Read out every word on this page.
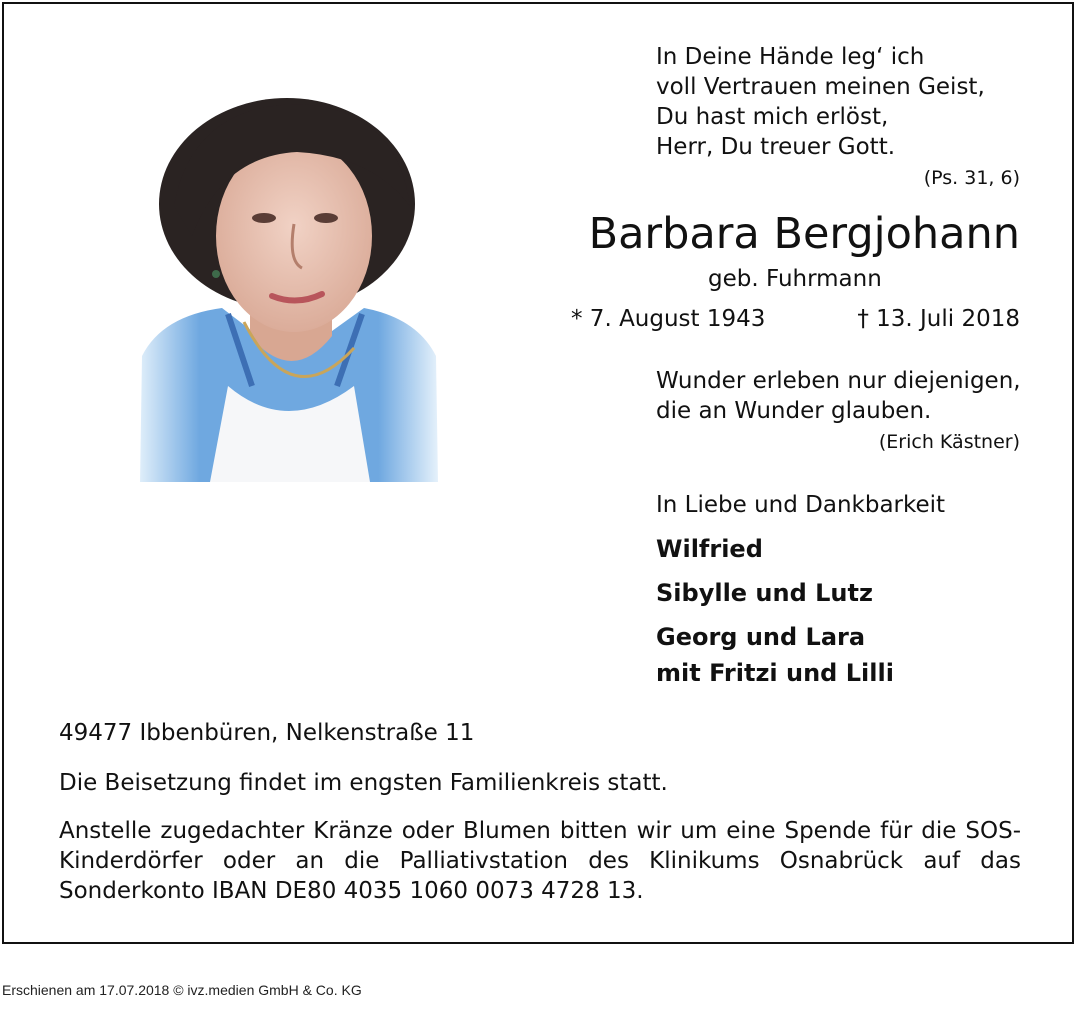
In Deine Hände leg‘ ich
voll Vertrauen meinen Geist,
Du hast mich erlöst,
Herr, Du treuer Gott.
(Ps. 31, 6)
Barbara Bergjohann
geb. Fuhrmann
* 7. August 1943	† 13. Juli 2018
Wunder erleben nur diejenigen,
die an Wunder glauben.
(Erich Kästner)
In Liebe und Dankbarkeit
Wilfried
Sibylle und Lutz
Georg und Lara
mit Fritzi und Lilli
49477 Ibbenbüren, Nelkenstraße 11
Die Beisetzung findet im engsten Familienkreis statt.
Anstelle zugedachter Kränze oder Blumen bitten wir um eine Spende für die SOS-Kinderdörfer oder an die Palliativstation des Klinikums Osnabrück auf das Sonderkonto IBAN DE80 4035 1060 0073 4728 13.
Erschienen am 17.07.2018 © ivz.medien GmbH & Co. KG
